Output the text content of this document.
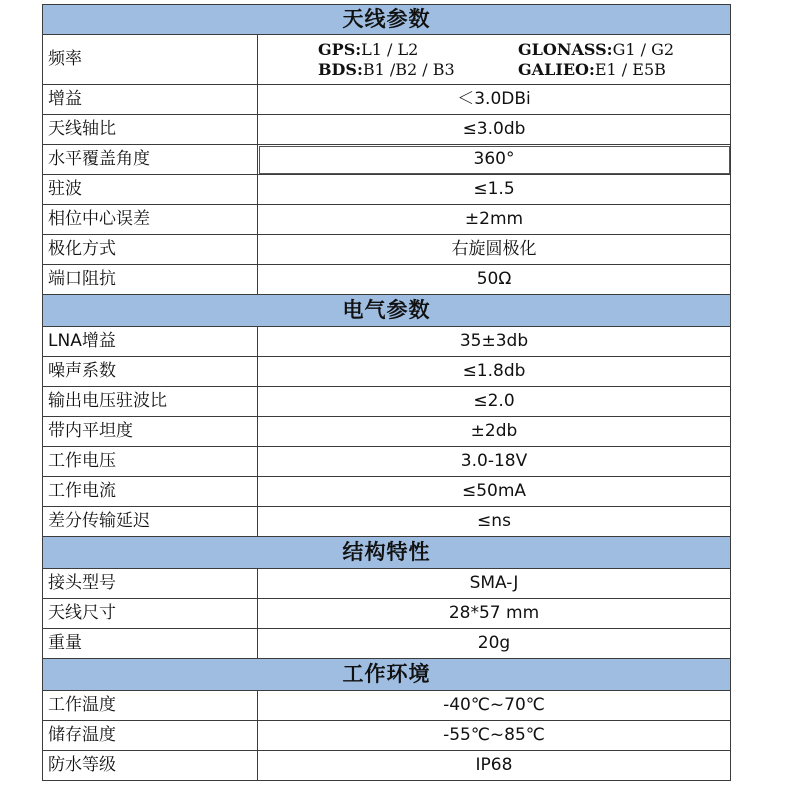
天线参数	
频率	GPS:L1 / L2 GLONASS:G1 / G2
BDS:B1 /B2 / B3 GALIEO:E1 / E5B

增益	＜3.0DBi
天线轴比	≤3.0db
水平覆盖角度	360°
驻波	≤1.5
相位中心误差	±2mm
极化方式	右旋圆极化
端口阻抗	50Ω
电气参数	
LNA增益	35±3db
噪声系数	≤1.8db
输出电压驻波比	≤2.0
带内平坦度	±2db
工作电压	3.0-18V
工作电流	≤50mA
差分传输延迟	≤ns
结构特性	
接头型号	SMA-J
天线尺寸	28*57 mm
重量	20g
工作环境	
工作温度	-40℃~70℃
储存温度	-55℃~85℃
防水等级	IP68
